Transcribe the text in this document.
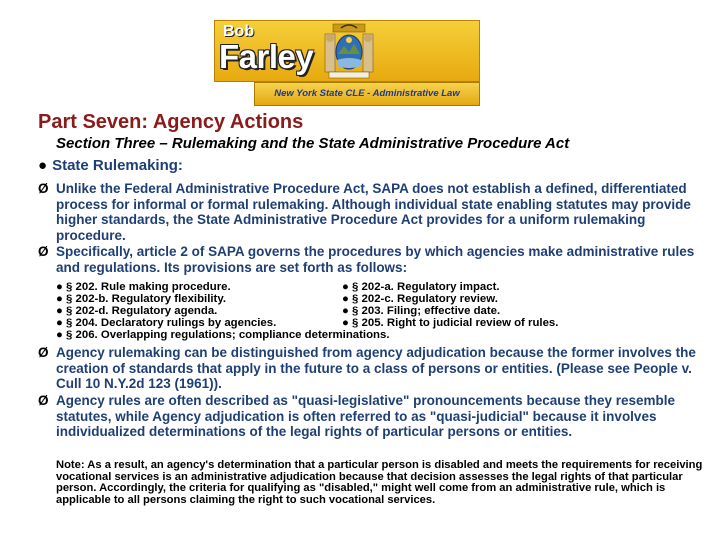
Bob
Farley
New York State CLE - Administrative Law
Part Seven: Agency Actions
Section Three – Rulemaking and the State Administrative Procedure Act
● State Rulemaking:
Ø Unlike the Federal Administrative Procedure Act, SAPA does not establish a defined, differentiated process for informal or formal rulemaking. Although individual state enabling statutes may provide higher standards, the State Administrative Procedure Act provides for a uniform rulemaking procedure.
Ø Specifically, article 2 of SAPA governs the procedures by which agencies make administrative rules and regulations. Its provisions are set forth as follows:
● § 202. Rule making procedure.
● § 202-b. Regulatory flexibility.
● § 202-d. Regulatory agenda.
● § 204. Declaratory rulings by agencies.
● § 206. Overlapping regulations; compliance determinations.
● § 202-a. Regulatory impact.
● § 202-c. Regulatory review.
● § 203. Filing; effective date.
● § 205. Right to judicial review of rules.
Ø Agency rulemaking can be distinguished from agency adjudication because the former involves the creation of standards that apply in the future to a class of persons or entities. (Please see People v. Cull 10 N.Y.2d 123 (1961)).
Ø Agency rules are often described as "quasi-legislative" pronouncements because they resemble statutes, while Agency adjudication is often referred to as "quasi-judicial" because it involves individualized determinations of the legal rights of particular persons or entities.
Note: As a result, an agency's determination that a particular person is disabled and meets the requirements for receiving vocational services is an administrative adjudication because that decision assesses the legal rights of that particular person. Accordingly, the criteria for qualifying as "disabled," might well come from an administrative rule, which is applicable to all persons claiming the right to such vocational services.
